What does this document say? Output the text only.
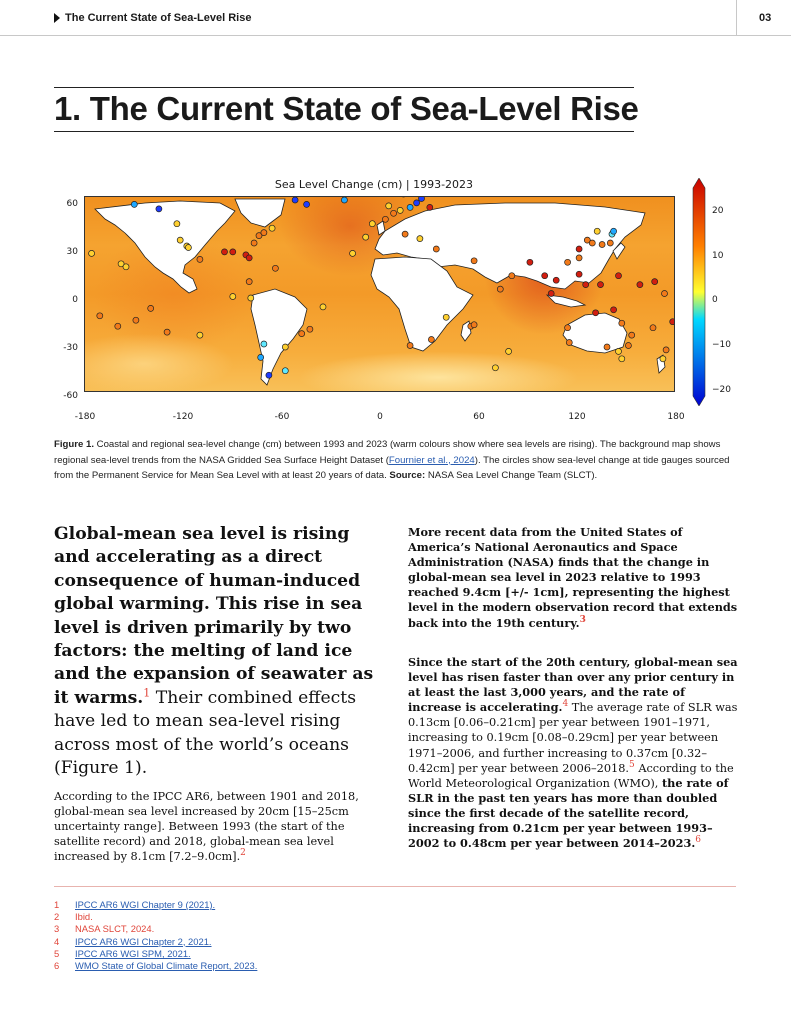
The Current State of Sea-Level Rise	03
1. The Current State of Sea-Level Rise
Sea Level Change (cm) | 1993-2023
60
30
0
-30
-60
-180	-120	-60	0	60	120	180
20
10
0
−10
−20

Figure 1. Coastal and regional sea-level change (cm) between 1993 and 2023 (warm colours show where sea levels are rising). The background map shows regional sea-level trends from the NASA Gridded Sea Surface Height Dataset (Fournier et al., 2024). The circles show sea-level change at tide gauges sourced from the Permanent Service for Mean Sea Level with at least 20 years of data. Source: NASA Sea Level Change Team (SLCT).

Global-mean sea level is rising and accelerating as a direct consequence of human-induced global warming. This rise in sea level is driven primarily by two factors: the melting of land ice and the expansion of seawater as it warms.$^1$ Their combined effects have led to mean sea-level rising across most of the world’s oceans (Figure 1).

According to the IPCC AR6, between 1901 and 2018, global-mean sea level increased by 20cm [15–25cm uncertainty range]. Between 1993 (the start of the satellite record) and 2018, global-mean sea level increased by 8.1cm [7.2–9.0cm].$^2$

More recent data from the United States of America’s National Aeronautics and Space Administration (NASA) finds that the change in global-mean sea level in 2023 relative to 1993 reached 9.4cm [+/- 1cm], representing the highest level in the modern observation record that extends back into the 19th century.$^3$

Since the start of the 20th century, global-mean sea level has risen faster than over any prior century in at least the last 3,000 years, and the rate of increase is accelerating.$^4$ The average rate of SLR was 0.13cm [0.06–0.21cm] per year between 1901–1971, increasing to 0.19cm [0.08–0.29cm] per year between 1971–2006, and further increasing to 0.37cm [0.32–0.42cm] per year between 2006–2018.$^5$ According to the World Meteorological Organization (WMO), the rate of SLR in the past ten years has more than doubled since the first decade of the satellite record, increasing from 0.21cm per year between 1993–2002 to 0.48cm per year between 2014–2023.$^6$

1	IPCC AR6 WGI Chapter 9 (2021).
2	Ibid.
3	NASA SLCT, 2024.
4	IPCC AR6 WGI Chapter 2, 2021.
5	IPCC AR6 WGI SPM, 2021.
6	WMO State of Global Climate Report, 2023.
